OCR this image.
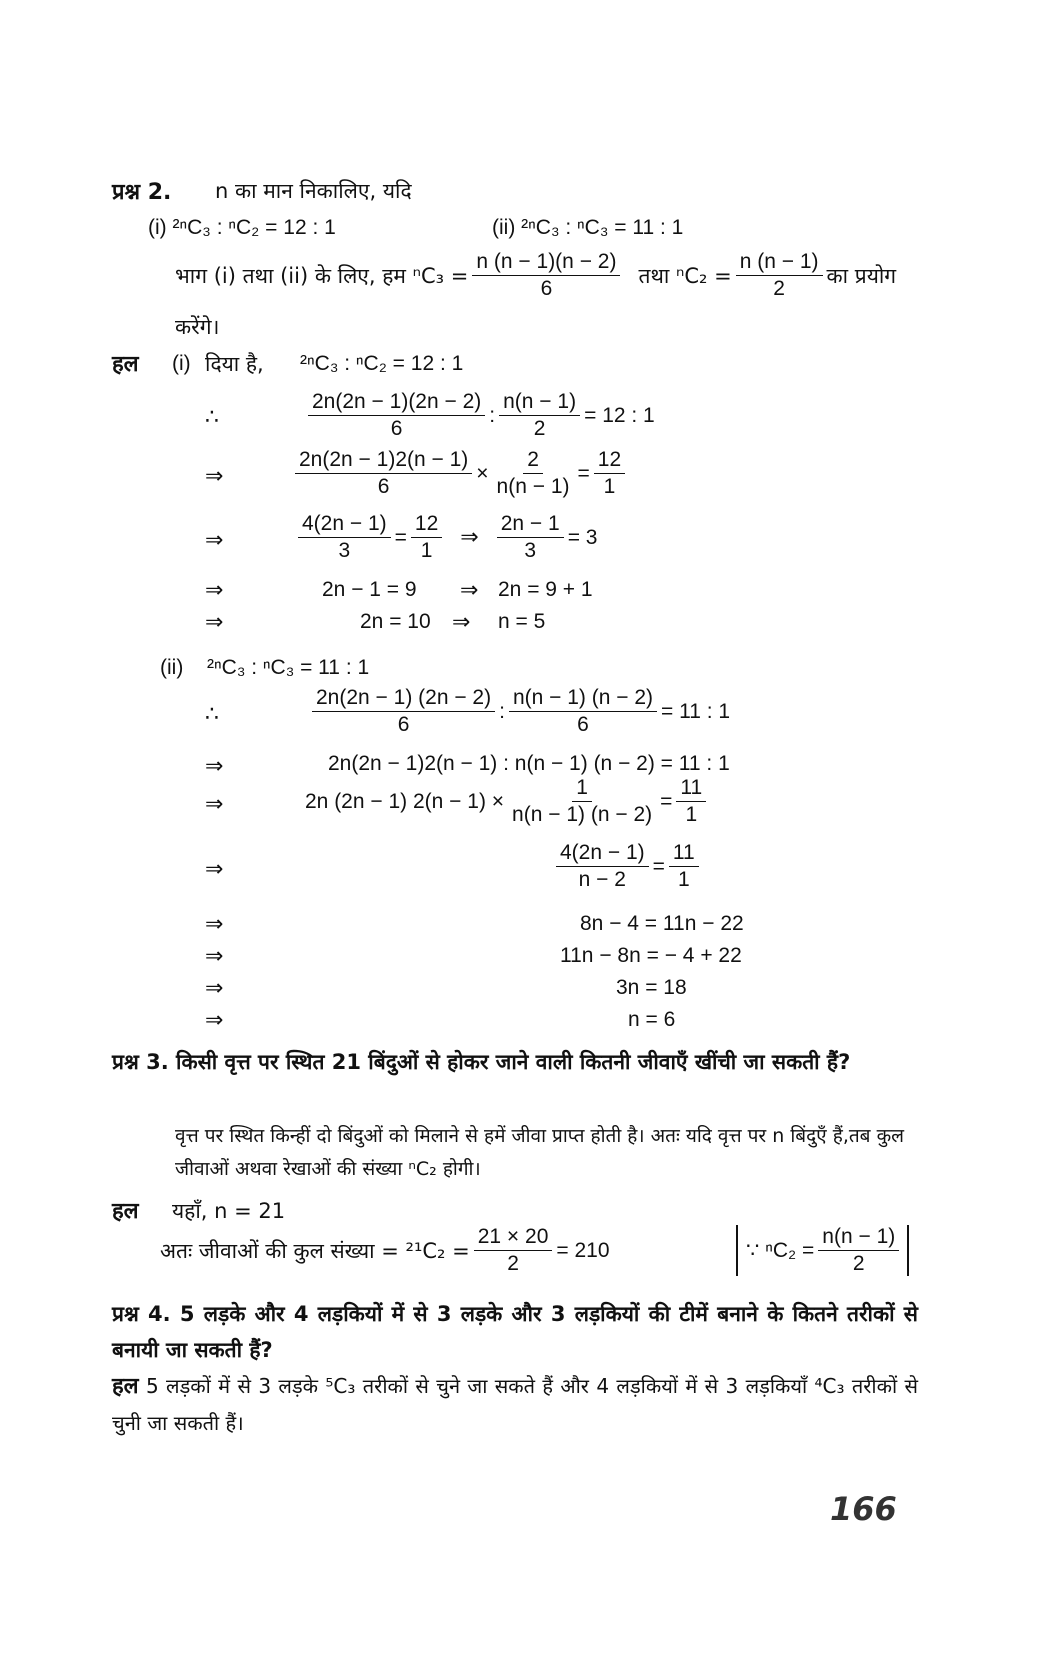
प्रश्न 2. n का मान निकालिए, यदि
(i) ²ⁿC₃ : ⁿC₂ = 12 : 1	(ii) ²ⁿC₃ : ⁿC₃ = 11 : 1
भाग (i) तथा (ii) के लिए, हम $^nC_3 = \frac{n (n - 1)(n - 2)}{6}$ तथा $^nC_2 = \frac{n (n - 1)}{2}$ का प्रयोग
करेंगे।
हल (i) दिया है, ²ⁿC₃ : ⁿC₂ = 12 : 1
∴	$\frac{2n(2n - 1)(2n - 2)}{6}$ : $\frac{n(n - 1)}{2} = 12$ : 1
⇒	$\frac{2n(2n - 1)2(n - 1)}{6} \times \frac{2}{n(n - 1)} = \frac{12}{1}$
⇒	$\frac{4(2n - 1)}{3} = \frac{12}{1}$ ⇒ $\frac{2n - 1}{3} = 3$
⇒	2n − 1 = 9 ⇒ 2n = 9 + 1
⇒	2n = 10 ⇒ n = 5
(ii) ²ⁿC₃ : ⁿC₃ = 11 : 1
∴	$\frac{2n(2n - 1) (2n - 2)}{6}$ : $\frac{n(n - 1) (n - 2)}{6} = 11$ : 1
⇒	2n(2n − 1)2(n − 1) : n(n − 1) (n − 2) = 11 : 1
⇒	2n (2n − 1) $2(n - 1) \times \frac{1}{n(n - 1) (n - 2)} = \frac{11}{1}$
⇒	$\frac{4(2n - 1)}{n - 2} = \frac{11}{1}$
⇒	8n − 4 = 11n − 22
⇒	11n − 8n = − 4 + 22
⇒	3n = 18
⇒	n = 6
प्रश्न 3. किसी वृत्त पर स्थित 21 बिंदुओं से होकर जाने वाली कितनी जीवाएँ खींची जा सकती हैं?
वृत्त पर स्थित किन्हीं दो बिंदुओं को मिलाने से हमें जीवा प्राप्त होती है। अतः यदि वृत्त पर n बिंदुएँ हैं,तब कुल जीवाओं अथवा रेखाओं की संख्या ⁿC₂ होगी।
हल यहाँ, n = 21
अतः जीवाओं की कुल संख्या = $^{21}C_2 = \frac{21 \times 20}{2} = 210$	∵ $^nC_2 = \frac{n(n - 1)}{2}$
प्रश्न 4. 5 लड़के और 4 लड़कियों में से 3 लड़के और 3 लड़कियों की टीमें बनाने के कितने तरीकों से बनायी जा सकती हैं?
हल 5 लड़कों में से 3 लड़के ⁵C₃ तरीकों से चुने जा सकते हैं और 4 लड़कियों में से 3 लड़कियाँ ⁴C₃ तरीकों से चुनी जा सकती हैं।
166
